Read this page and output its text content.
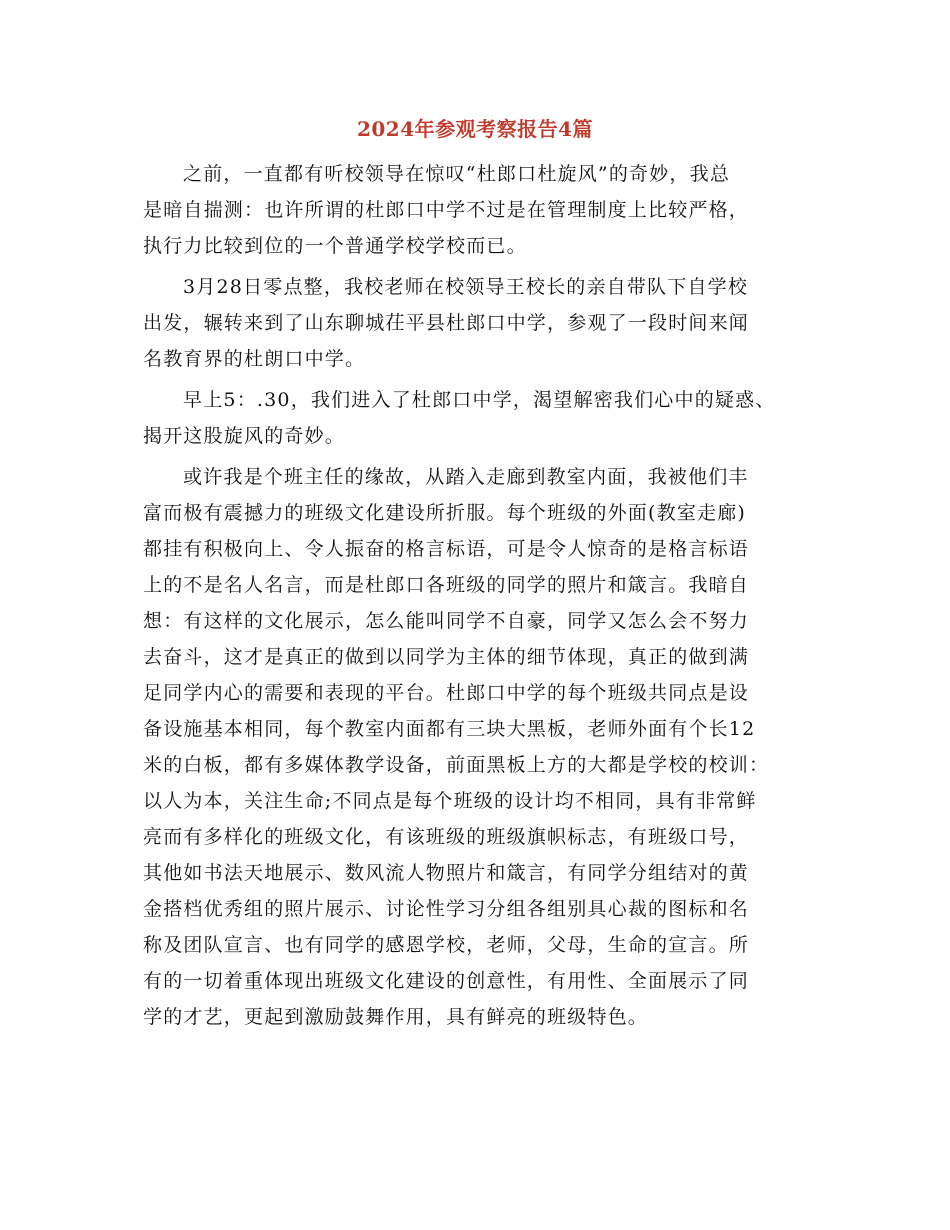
2024年参观考察报告4篇
之前，一直都有听校领导在惊叹“杜郎口杜旋风”的奇妙，我总
是暗自揣测：也许所谓的杜郎口中学不过是在管理制度上比较严格，
执行力比较到位的一个普通学校学校而已。
3月28日零点整，我校老师在校领导王校长的亲自带队下自学校
出发，辗转来到了山东聊城茌平县杜郎口中学，参观了一段时间来闻
名教育界的杜朗口中学。
早上5：.30，我们进入了杜郎口中学，渴望解密我们心中的疑惑、
揭开这股旋风的奇妙。
或许我是个班主任的缘故，从踏入走廊到教室内面，我被他们丰
富而极有震撼力的班级文化建设所折服。每个班级的外面(教室走廊)
都挂有积极向上、令人振奋的格言标语，可是令人惊奇的是格言标语
上的不是名人名言，而是杜郎口各班级的同学的照片和箴言。我暗自
想：有这样的文化展示，怎么能叫同学不自豪，同学又怎么会不努力
去奋斗，这才是真正的做到以同学为主体的细节体现，真正的做到满
足同学内心的需要和表现的平台。杜郎口中学的每个班级共同点是设
备设施基本相同，每个教室内面都有三块大黑板，老师外面有个长12
米的白板，都有多媒体教学设备，前面黑板上方的大都是学校的校训：
以人为本，关注生命;不同点是每个班级的设计均不相同，具有非常鲜
亮而有多样化的班级文化，有该班级的班级旗帜标志，有班级口号，
其他如书法天地展示、数风流人物照片和箴言，有同学分组结对的黄
金搭档优秀组的照片展示、讨论性学习分组各组别具心裁的图标和名
称及团队宣言、也有同学的感恩学校，老师，父母，生命的宣言。所
有的一切着重体现出班级文化建设的创意性，有用性、全面展示了同
学的才艺，更起到激励鼓舞作用，具有鲜亮的班级特色。
